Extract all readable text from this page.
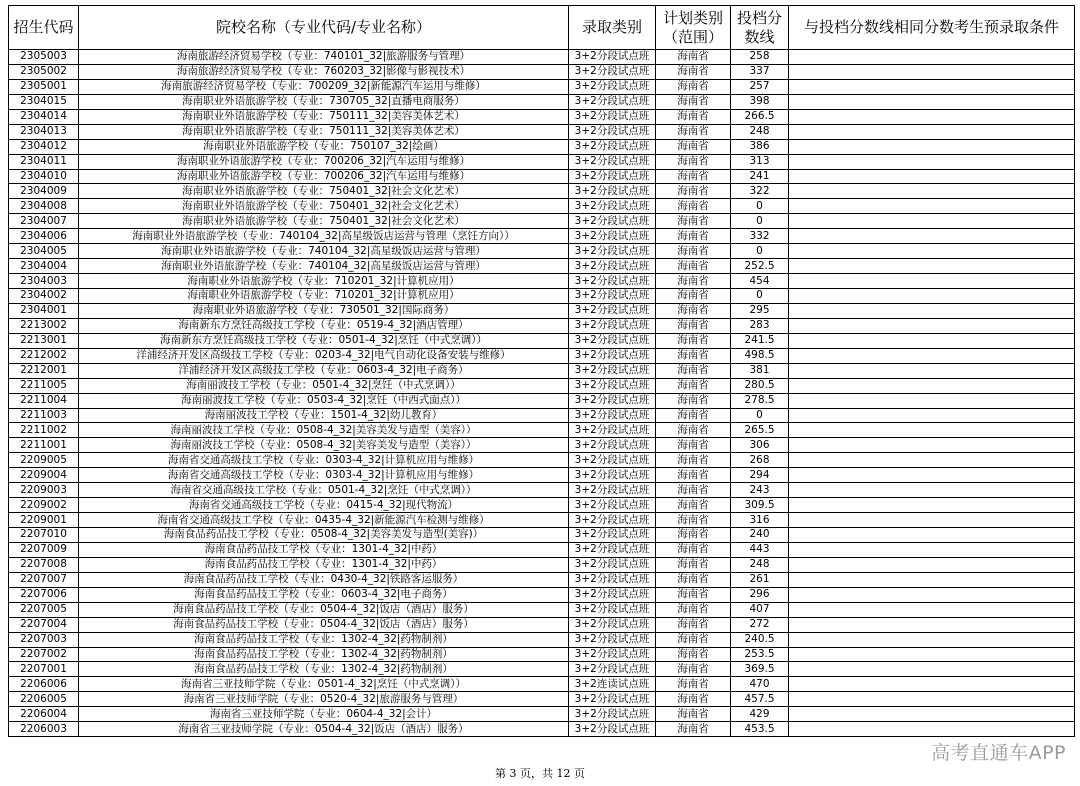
招生代码	院校名称（专业代码/专业名称）	录取类别	计划类别（范围）	投档分数线	与投档分数线相同分数考生预录取条件
2305003	海南旅游经济贸易学校（专业：740101_32|旅游服务与管理）	3+2分段试点班	海南省	258	
2305002	海南旅游经济贸易学校（专业：760203_32|影像与影视技术）	3+2分段试点班	海南省	337	
2305001	海南旅游经济贸易学校（专业：700209_32|新能源汽车运用与维修）	3+2分段试点班	海南省	257	
2304015	海南职业外语旅游学校（专业：730705_32|直播电商服务）	3+2分段试点班	海南省	398	
2304014	海南职业外语旅游学校（专业：750111_32|美容美体艺术）	3+2分段试点班	海南省	266.5	
2304013	海南职业外语旅游学校（专业：750111_32|美容美体艺术）	3+2分段试点班	海南省	248	
2304012	海南职业外语旅游学校（专业：750107_32|绘画）	3+2分段试点班	海南省	386	
2304011	海南职业外语旅游学校（专业：700206_32|汽车运用与维修）	3+2分段试点班	海南省	313	
2304010	海南职业外语旅游学校（专业：700206_32|汽车运用与维修）	3+2分段试点班	海南省	241	
2304009	海南职业外语旅游学校（专业：750401_32|社会文化艺术）	3+2分段试点班	海南省	322	
2304008	海南职业外语旅游学校（专业：750401_32|社会文化艺术）	3+2分段试点班	海南省	0	
2304007	海南职业外语旅游学校（专业：750401_32|社会文化艺术）	3+2分段试点班	海南省	0	
2304006	海南职业外语旅游学校（专业：740104_32|高星级饭店运营与管理（烹饪方向））	3+2分段试点班	海南省	332	
2304005	海南职业外语旅游学校（专业：740104_32|高星级饭店运营与管理）	3+2分段试点班	海南省	0	
2304004	海南职业外语旅游学校（专业：740104_32|高星级饭店运营与管理）	3+2分段试点班	海南省	252.5	
2304003	海南职业外语旅游学校（专业：710201_32|计算机应用）	3+2分段试点班	海南省	454	
2304002	海南职业外语旅游学校（专业：710201_32|计算机应用）	3+2分段试点班	海南省	0	
2304001	海南职业外语旅游学校（专业：730501_32|国际商务）	3+2分段试点班	海南省	295	
2213002	海南新东方烹饪高级技工学校（专业：0519-4_32|酒店管理）	3+2分段试点班	海南省	283	
2213001	海南新东方烹饪高级技工学校（专业：0501-4_32|烹饪（中式烹调））	3+2分段试点班	海南省	241.5	
2212002	洋浦经济开发区高级技工学校（专业：0203-4_32|电气自动化设备安装与维修）	3+2分段试点班	海南省	498.5	
2212001	洋浦经济开发区高级技工学校（专业：0603-4_32|电子商务）	3+2分段试点班	海南省	381	
2211005	海南丽波技工学校（专业：0501-4_32|烹饪（中式烹调））	3+2分段试点班	海南省	280.5	
2211004	海南丽波技工学校（专业：0503-4_32|烹饪（中西式面点））	3+2分段试点班	海南省	278.5	
2211003	海南丽波技工学校（专业：1501-4_32|幼儿教育）	3+2分段试点班	海南省	0	
2211002	海南丽波技工学校（专业：0508-4_32|美容美发与造型（美容））	3+2分段试点班	海南省	265.5	
2211001	海南丽波技工学校（专业：0508-4_32|美容美发与造型（美容））	3+2分段试点班	海南省	306	
2209005	海南省交通高级技工学校（专业：0303-4_32|计算机应用与维修）	3+2分段试点班	海南省	268	
2209004	海南省交通高级技工学校（专业：0303-4_32|计算机应用与维修）	3+2分段试点班	海南省	294	
2209003	海南省交通高级技工学校（专业：0501-4_32|烹饪（中式烹调））	3+2分段试点班	海南省	243	
2209002	海南省交通高级技工学校（专业：0415-4_32|现代物流）	3+2分段试点班	海南省	309.5	
2209001	海南省交通高级技工学校（专业：0435-4_32|新能源汽车检测与维修）	3+2分段试点班	海南省	316	
2207010	海南食品药品技工学校（专业：0508-4_32|美容美发与造型(美容)）	3+2分段试点班	海南省	240	
2207009	海南食品药品技工学校（专业：1301-4_32|中药）	3+2分段试点班	海南省	443	
2207008	海南食品药品技工学校（专业：1301-4_32|中药）	3+2分段试点班	海南省	248	
2207007	海南食品药品技工学校（专业：0430-4_32|铁路客运服务）	3+2分段试点班	海南省	261	
2207006	海南食品药品技工学校（专业：0603-4_32|电子商务）	3+2分段试点班	海南省	296	
2207005	海南食品药品技工学校（专业：0504-4_32|饭店（酒店）服务）	3+2分段试点班	海南省	407	
2207004	海南食品药品技工学校（专业：0504-4_32|饭店（酒店）服务）	3+2分段试点班	海南省	272	
2207003	海南食品药品技工学校（专业：1302-4_32|药物制剂）	3+2分段试点班	海南省	240.5	
2207002	海南食品药品技工学校（专业：1302-4_32|药物制剂）	3+2分段试点班	海南省	253.5	
2207001	海南食品药品技工学校（专业：1302-4_32|药物制剂）	3+2分段试点班	海南省	369.5	
2206006	海南省三亚技师学院（专业：0501-4_32|烹饪（中式烹调））	3+2连读试点班	海南省	470	
2206005	海南省三亚技师学院（专业：0520-4_32|旅游服务与管理）	3+2分段试点班	海南省	457.5	
2206004	海南省三亚技师学院（专业：0604-4_32|会计）	3+2分段试点班	海南省	429	
2206003	海南省三亚技师学院（专业：0504-4_32|饭店（酒店）服务）	3+2分段试点班	海南省	453.5	
高考直通车APP
第 3 页，共 12 页
